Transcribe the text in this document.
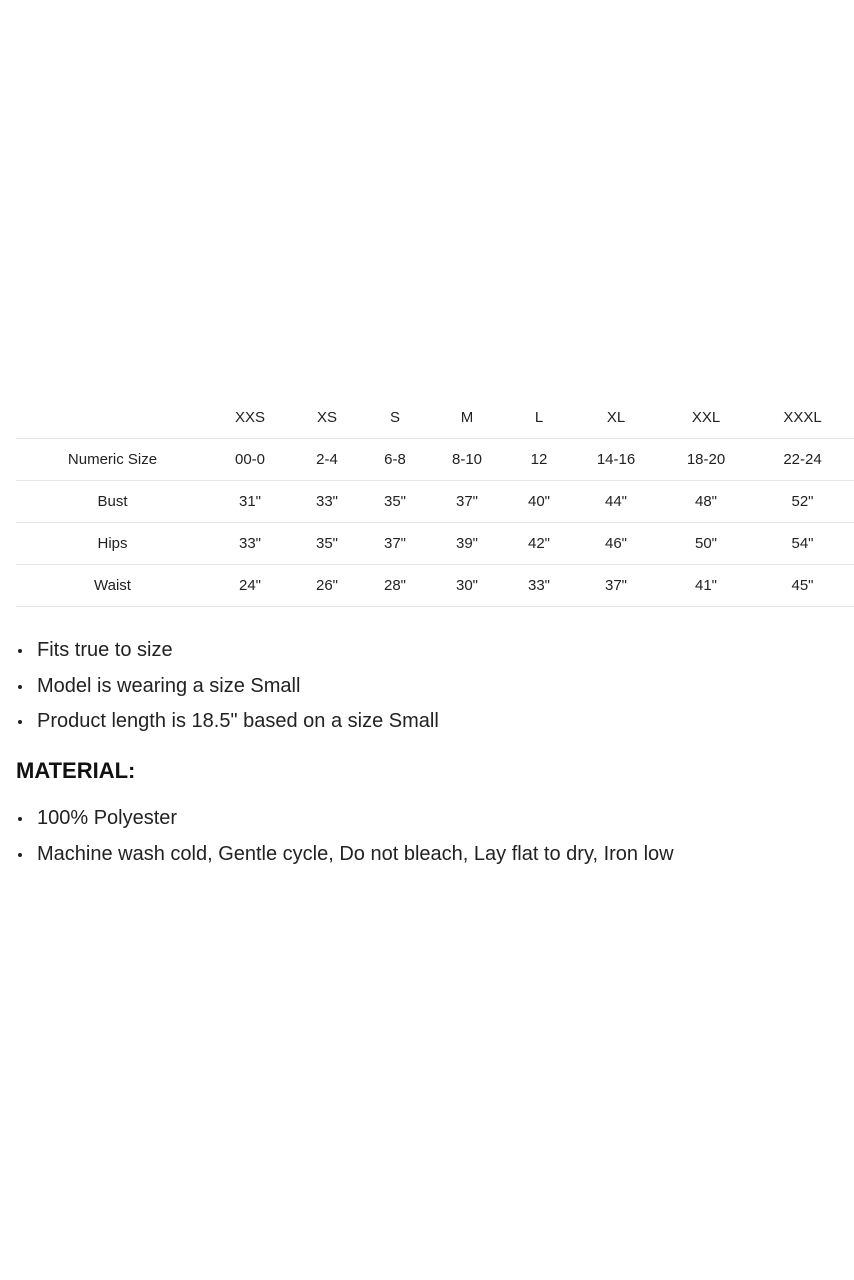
	XXS	XS	S	M	L	XL	XXL	XXXL
Numeric Size	00-0	2-4	6-8	8-10	12	14-16	18-20	22-24
Bust	31"	33"	35"	37"	40"	44"	48"	52"
Hips	33"	35"	37"	39"	42"	46"	50"	54"
Waist	24"	26"	28"	30"	33"	37"	41"	45"
Fits true to size
Model is wearing a size Small
Product length is 18.5" based on a size Small
MATERIAL:
100% Polyester
Machine wash cold, Gentle cycle, Do not bleach, Lay flat to dry, Iron low
